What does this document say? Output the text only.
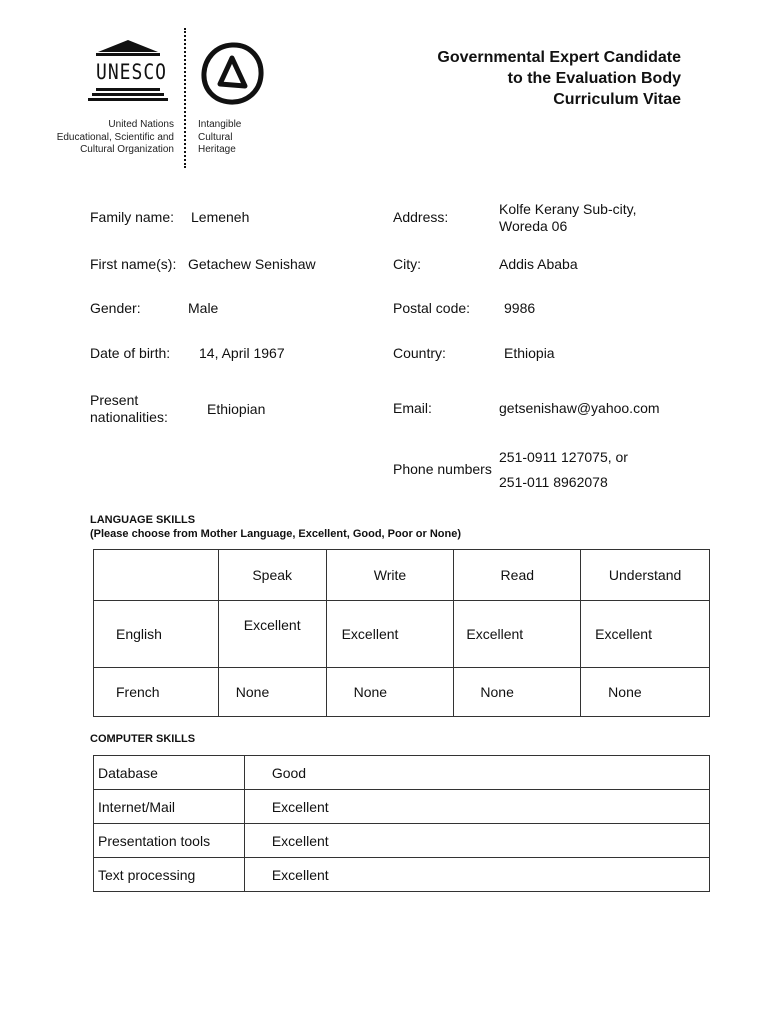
UNESCO
United Nations
Educational, Scientific and
Cultural Organization
Intangible
Cultural
Heritage
Governmental Expert Candidate
to the Evaluation Body
Curriculum Vitae
Family name: Lemeneh
First name(s): Getachew Senishaw
Gender:	Male
Date of birth: 14, April 1967
Present
nationalities:	Ethiopian
Address:	Kolfe Kerany Sub-city,
Woreda 06
City:	Addis Ababa
Postal code: 9986
Country:	Ethiopia
Email:	getsenishaw@yahoo.com
Phone numbers
251-0911 127075, or
251-011 8962078
LANGUAGE SKILLS
(Please choose from Mother Language, Excellent, Good, Poor or None)
	Speak	Write	Read	Understand
English	Excellent	Excellent	Excellent	Excellent
French	None	None	None	None
COMPUTER SKILLS
Database	Good
Internet/Mail	Excellent
Presentation tools	Excellent
Text processing	Excellent
